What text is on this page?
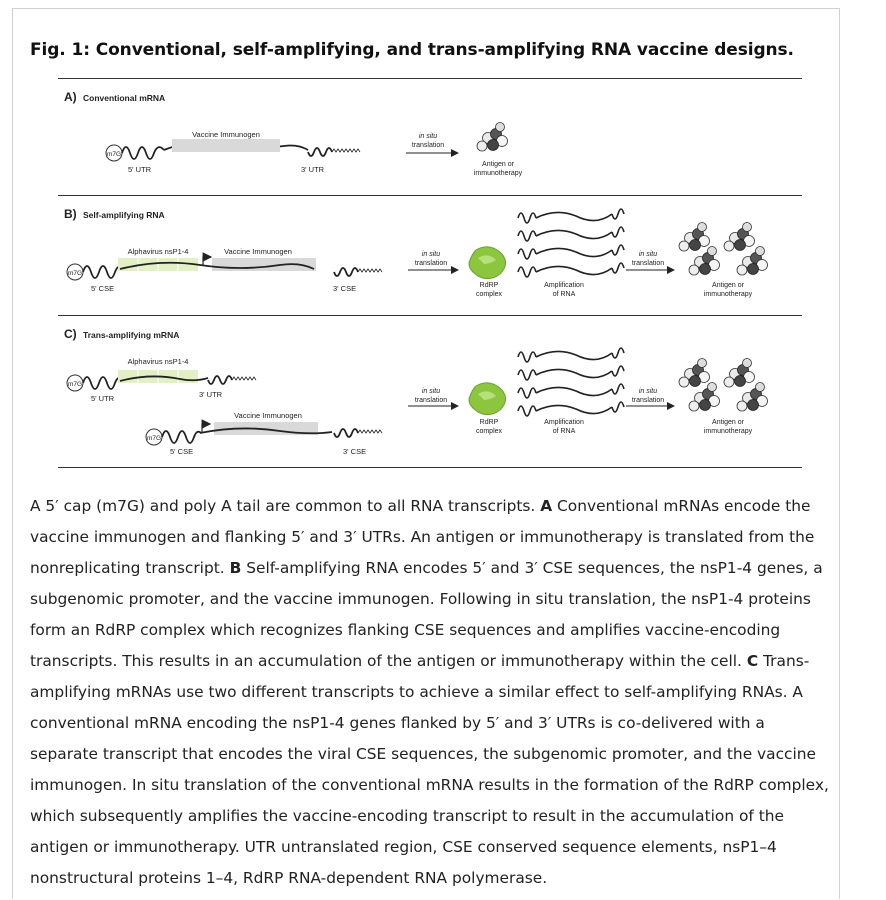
Fig. 1: Conventional, self-amplifying, and trans-amplifying RNA vaccine designs.
A) Conventional mRNA
m7G
Vaccine Immunogen
5' UTR	3' UTR
in situ
translation
Antigen or
immunotherapy
B) Self-amplifying RNA
m7G
Alphavirus nsP1-4	Vaccine Immunogen
5' CSE	3' CSE
in situ
translation
RdRP
complex
Amplification
of RNA
in situ
translation
Antigen or
immunotherapy
C) Trans-amplifying mRNA
m7G
Alphavirus nsP1-4
5' UTR	3' UTR
m7G
Vaccine Immunogen
5' CSE	3' CSE
in situ
translation
RdRP
complex
Amplification
of RNA
in situ
translation
Antigen or
immunotherapy
A 5′ cap (m7G) and poly A tail are common to all RNA transcripts. A Conventional mRNAs encode the vaccine immunogen and flanking 5′ and 3′ UTRs. An antigen or immunotherapy is translated from the nonreplicating transcript. B Self-amplifying RNA encodes 5′ and 3′ CSE sequences, the nsP1-4 genes, a subgenomic promoter, and the vaccine immunogen. Following in situ translation, the nsP1-4 proteins form an RdRP complex which recognizes flanking CSE sequences and amplifies vaccine-encoding transcripts. This results in an accumulation of the antigen or immunotherapy within the cell. C Trans-amplifying mRNAs use two different transcripts to achieve a similar effect to self-amplifying RNAs. A conventional mRNA encoding the nsP1-4 genes flanked by 5′ and 3′ UTRs is co-delivered with a separate transcript that encodes the viral CSE sequences, the subgenomic promoter, and the vaccine immunogen. In situ translation of the conventional mRNA results in the formation of the RdRP complex, which subsequently amplifies the vaccine-encoding transcript to result in the accumulation of the antigen or immunotherapy. UTR untranslated region, CSE conserved sequence elements, nsP1–4 nonstructural proteins 1–4, RdRP RNA-dependent RNA polymerase.
